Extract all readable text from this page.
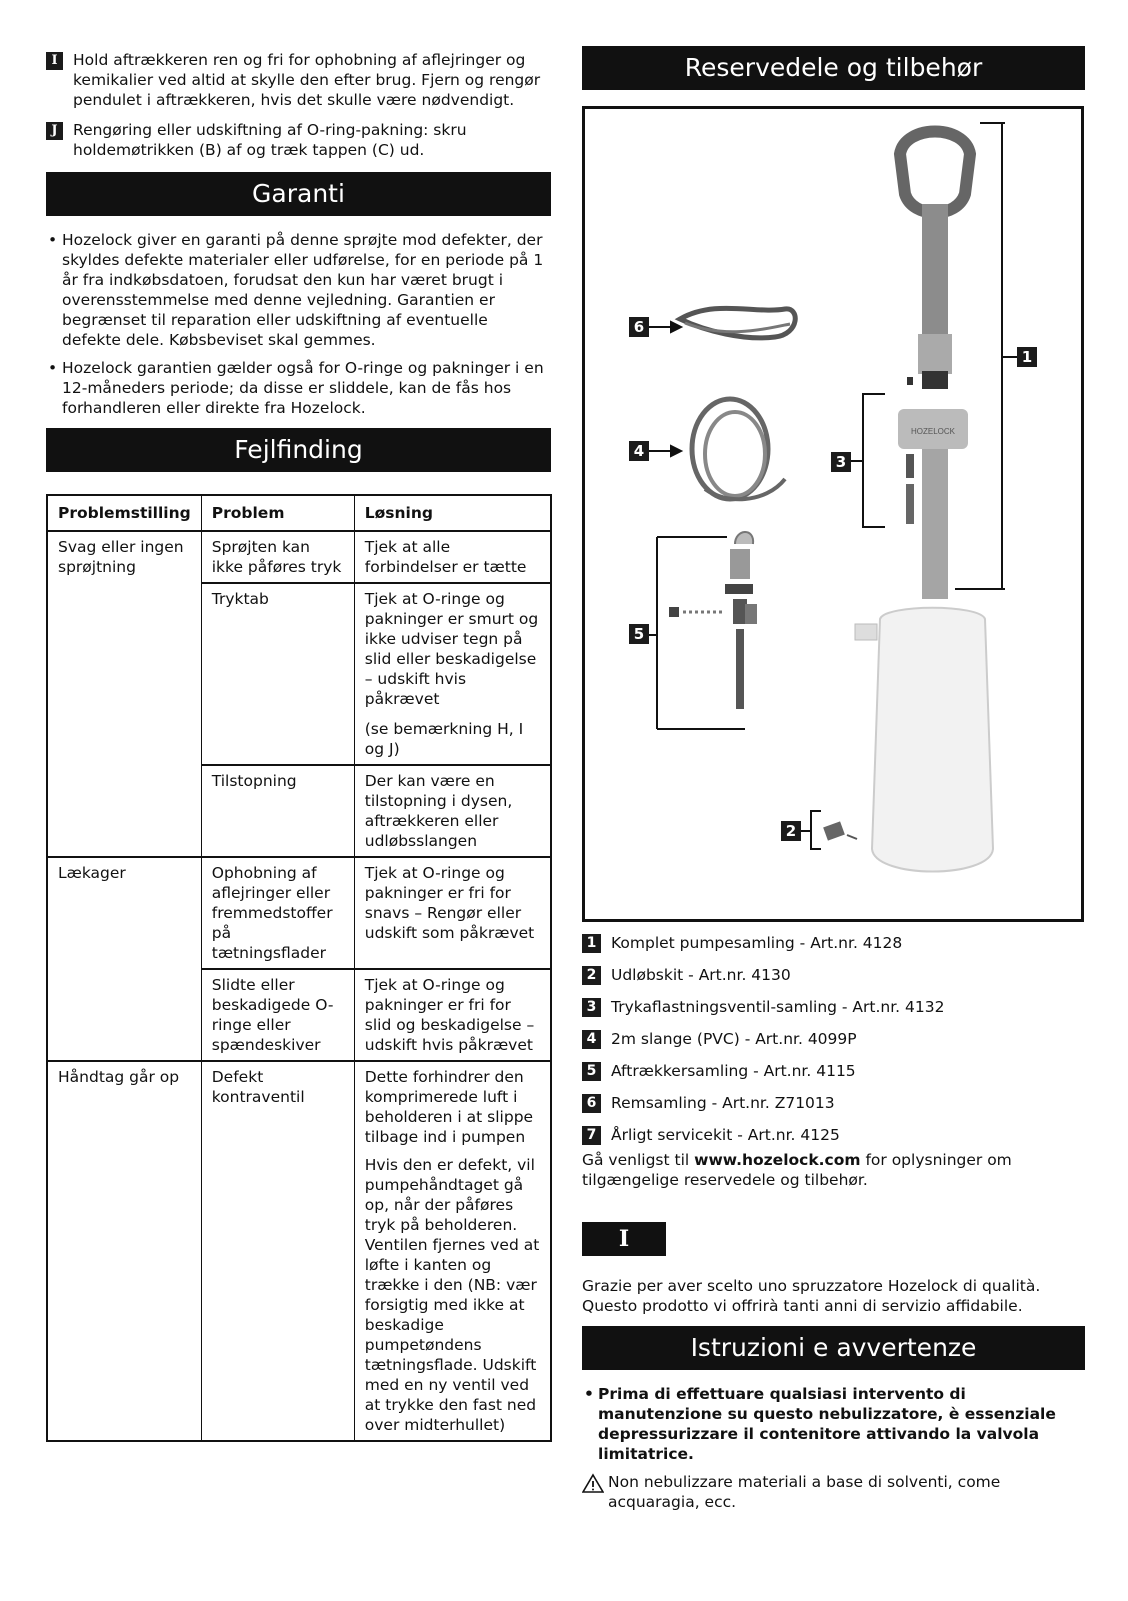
I Hold aftrækkeren ren og fri for ophobning af aflejringer og kemikalier ved altid at skylle den efter brug. Fjern og rengør pendulet i aftrækkeren, hvis det skulle være nødvendigt.
J Rengøring eller udskiftning af O-ring-pakning: skru holdemøtrikken (B) af og træk tappen (C) ud.
Garanti
• Hozelock giver en garanti på denne sprøjte mod defekter, der skyldes defekte materialer eller udførelse, for en periode på 1 år fra indkøbsdatoen, forudsat den kun har været brugt i overensstemmelse med denne vejledning. Garantien er begrænset til reparation eller udskiftning af eventuelle defekte dele. Købsbeviset skal gemmes.
• Hozelock garantien gælder også for O-ringe og pakninger i en 12-måneders periode; da disse er sliddele, kan de fås hos forhandleren eller direkte fra Hozelock.
Fejlfinding
Problemstilling	Problem	Løsning
Svag eller ingen sprøjtning	Sprøjten kan ikke påføres tryk	Tjek at alle forbindelser er tætte
	Tryktab	Tjek at O-ringe og pakninger er smurt og ikke udviser tegn på slid eller beskadigelse – udskift hvis påkrævet
(se bemærkning H, I og J)

	Tilstopning	Der kan være en tilstopning i dysen, aftrækkeren eller udløbsslangen
Lækager	Ophobning af aflejringer eller fremmedstoffer på tætningsflader	Tjek at O-ringe og pakninger er fri for snavs – Rengør eller udskift som påkrævet
	Slidte eller beskadigede O-ringe eller spændeskiver	Tjek at O-ringe og pakninger er fri for slid og beskadigelse – udskift hvis påkrævet
Håndtag går op	Defekt kontraventil	Dette forhindrer den komprimerede luft i beholderen i at slippe tilbage ind i pumpen
Hvis den er defekt, vil pumpehåndtaget gå op, når der påføres tryk på beholderen. Ventilen fjernes ved at løfte i kanten og trække i den (NB: vær forsigtig med ikke at beskadige pumpetøndens tætningsflade. Udskift med en ny ventil ved at trykke den fast ned over midterhullet)
Reservedele og tilbehør
HOZELOCK
6
4
5
1
3
2
1 Komplet pumpesamling - Art.nr. 4128
2 Udløbskit - Art.nr. 4130
3 Trykaflastningsventil-samling - Art.nr. 4132
4 2m slange (PVC) - Art.nr. 4099P
5 Aftrækkersamling - Art.nr. 4115
6 Remsamling - Art.nr. Z71013
7 Årligt servicekit - Art.nr. 4125
Gå venligst til www.hozelock.com for oplysninger om tilgængelige reservedele og tilbehør.
I
Grazie per aver scelto uno spruzzatore Hozelock di qualità. Questo prodotto vi offrirà tanti anni di servizio affidabile.
Istruzioni e avvertenze
• Prima di effettuare qualsiasi intervento di manutenzione su questo nebulizzatore, è essenziale depressurizzare il contenitore attivando la valvola limitatrice.
Non nebulizzare materiali a base di solventi, come acquaragia, ecc.
